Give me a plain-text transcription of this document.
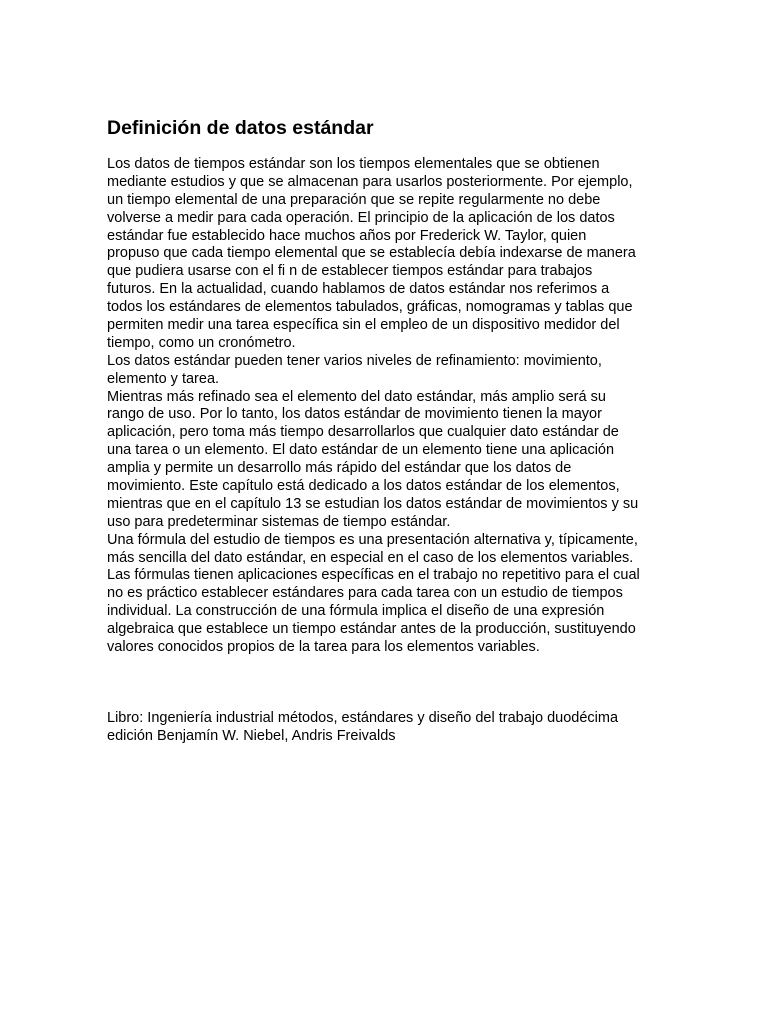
Definición de datos estándar
Los datos de tiempos estándar son los tiempos elementales que se obtienen
mediante estudios y que se almacenan para usarlos posteriormente. Por ejemplo,
un tiempo elemental de una preparación que se repite regularmente no debe
volverse a medir para cada operación. El principio de la aplicación de los datos
estándar fue establecido hace muchos años por Frederick W. Taylor, quien
propuso que cada tiempo elemental que se establecía debía indexarse de manera
que pudiera usarse con el fi n de establecer tiempos estándar para trabajos
futuros. En la actualidad, cuando hablamos de datos estándar nos referimos a
todos los estándares de elementos tabulados, gráficas, nomogramas y tablas que
permiten medir una tarea específica sin el empleo de un dispositivo medidor del
tiempo, como un cronómetro.
Los datos estándar pueden tener varios niveles de refinamiento: movimiento,
elemento y tarea.
Mientras más refinado sea el elemento del dato estándar, más amplio será su
rango de uso. Por lo tanto, los datos estándar de movimiento tienen la mayor
aplicación, pero toma más tiempo desarrollarlos que cualquier dato estándar de
una tarea o un elemento. El dato estándar de un elemento tiene una aplicación
amplia y permite un desarrollo más rápido del estándar que los datos de
movimiento. Este capítulo está dedicado a los datos estándar de los elementos,
mientras que en el capítulo 13 se estudian los datos estándar de movimientos y su
uso para predeterminar sistemas de tiempo estándar.
Una fórmula del estudio de tiempos es una presentación alternativa y, típicamente,
más sencilla del dato estándar, en especial en el caso de los elementos variables.
Las fórmulas tienen aplicaciones específicas en el trabajo no repetitivo para el cual
no es práctico establecer estándares para cada tarea con un estudio de tiempos
individual. La construcción de una fórmula implica el diseño de una expresión
algebraica que establece un tiempo estándar antes de la producción, sustituyendo
valores conocidos propios de la tarea para los elementos variables.
Libro: Ingeniería industrial métodos, estándares y diseño del trabajo duodécima
edición Benjamín W. Niebel, Andris Freivalds
